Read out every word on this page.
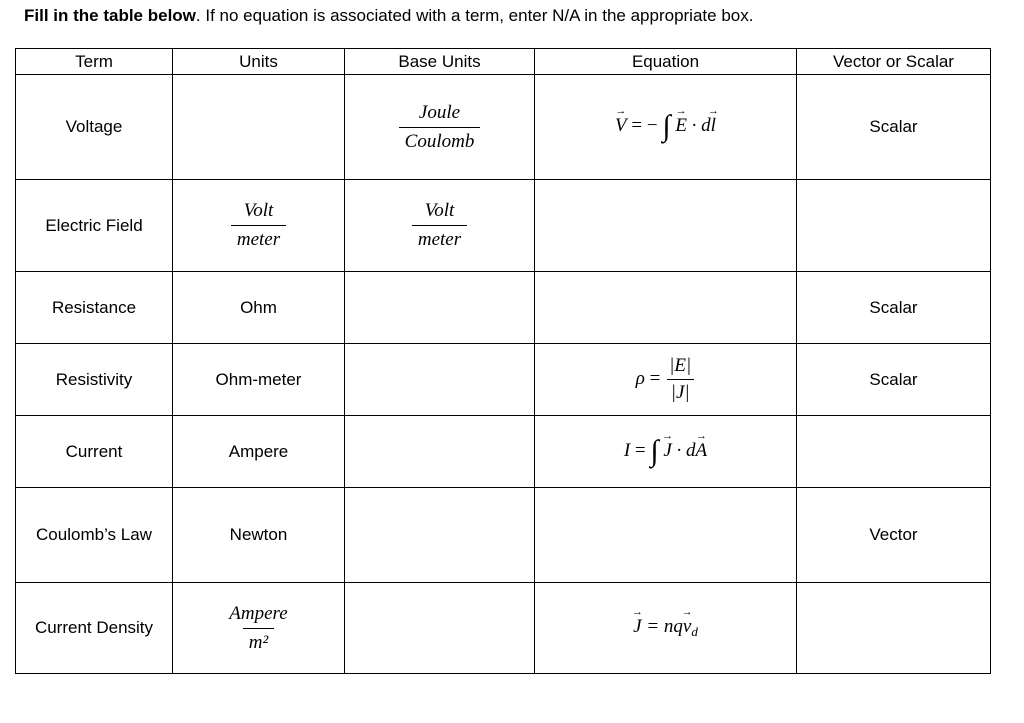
Fill in the table below. If no equation is associated with a term, enter N/A in the appropriate box.
Term	Units	Base Units	Equation	Vector or Scalar
Voltage		$\frac{\text{Joule}}{\text{Coulomb}}$	V → = − ∫ E → · dl →	Scalar
Electric Field	$\frac{\text{Volt}}{\text{meter}}$	$\frac{\text{Volt}}{\text{meter}}$

Resistance	Ohm			Scalar
Resistivity	Ohm-meter		$\rho = \frac{|E|}{|J|}$	Scalar
Current	Ampere		I = ∫ J → · dA →	
Coulomb’s Law	Newton			Vector
Current Density	$\frac{\text{Ampere}}{\text{m²}}$		J → = nqv $\to_d$	
